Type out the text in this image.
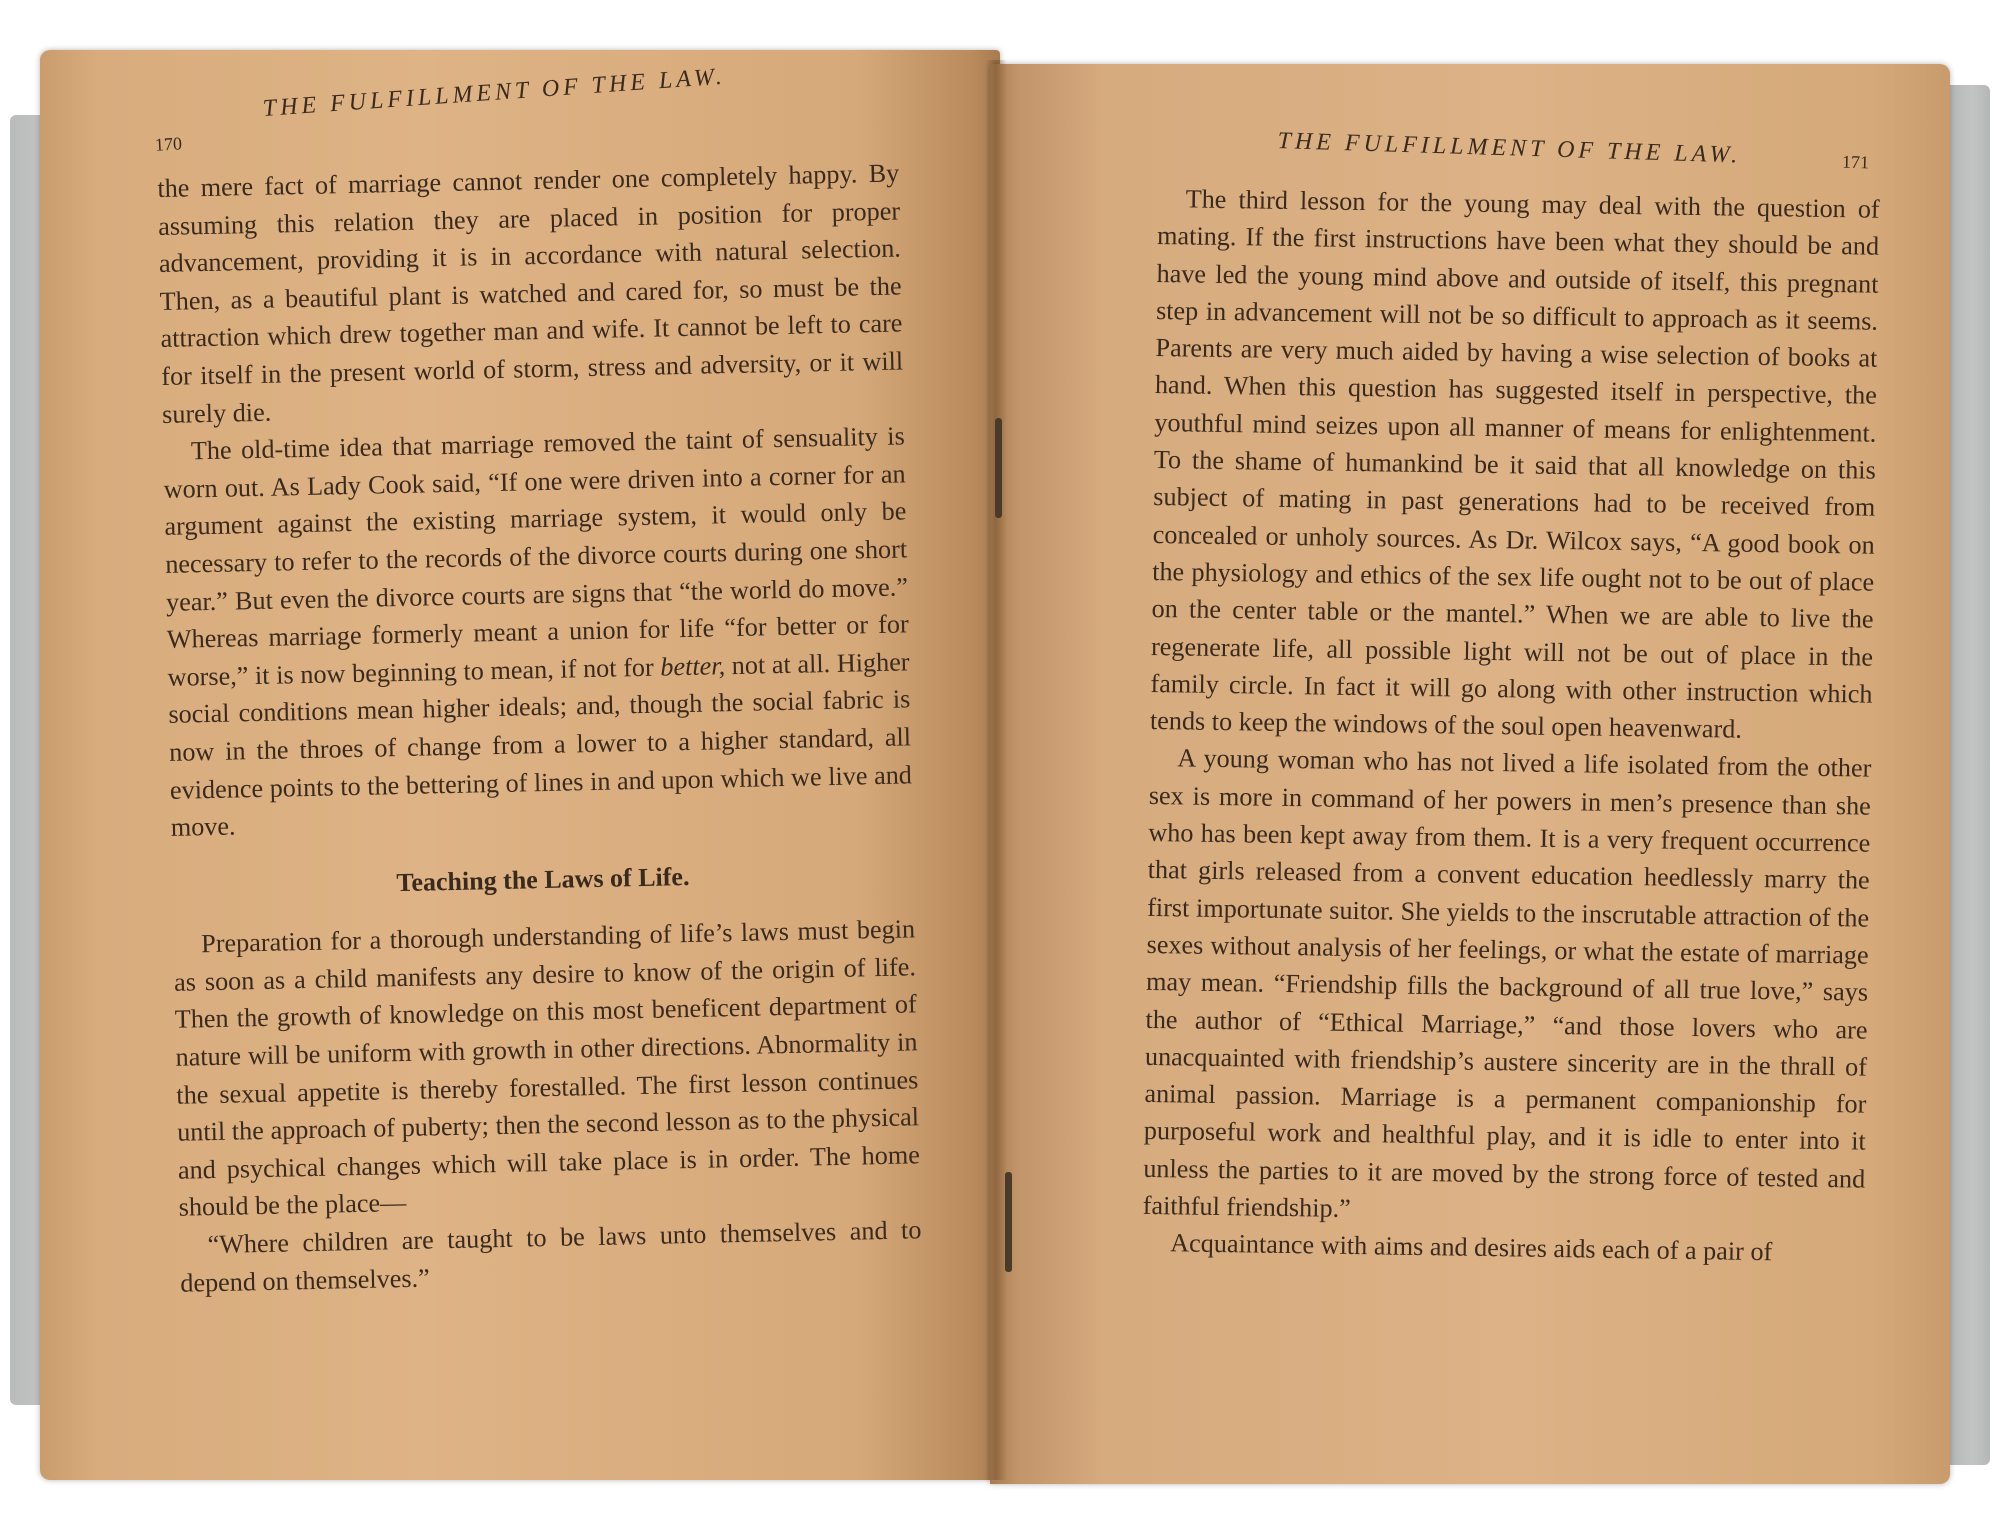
170
THE FULFILLMENT OF THE LAW.

the mere fact of marriage cannot render one completely happy. By assuming this relation they are placed in position for proper advancement, providing it is in accordance with natural selection. Then, as a beautiful plant is watched and cared for, so must be the attraction which drew together man and wife. It cannot be left to care for itself in the present world of storm, stress and adversity, or it will surely die.

The old-time idea that marriage removed the taint of sensuality is worn out. As Lady Cook said, “If one were driven into a corner for an argument against the existing marriage system, it would only be necessary to refer to the records of the divorce courts during one short year.” But even the divorce courts are signs that “the world do move.” Whereas marriage formerly meant a union for life “for better or for worse,” it is now beginning to mean, if not for better, not at all. Higher social conditions mean higher ideals; and, though the social fabric is now in the throes of change from a lower to a higher standard, all evidence points to the bettering of lines in and upon which we live and move.

Teaching the Laws of Life.

Preparation for a thorough understanding of life’s laws must begin as soon as a child manifests any desire to know of the origin of life. Then the growth of knowledge on this most beneficent department of nature will be uniform with growth in other directions. Abnormality in the sexual appetite is thereby forestalled. The first lesson continues until the approach of puberty; then the second lesson as to the physical and psychical changes which will take place is in order. The home should be the place—

“Where children are taught to be laws unto themselves and to depend on themselves.”

THE FULFILLMENT OF THE LAW.	171

The third lesson for the young may deal with the question of mating. If the first instructions have been what they should be and have led the young mind above and outside of itself, this pregnant step in advancement will not be so difficult to approach as it seems. Parents are very much aided by having a wise selection of books at hand. When this question has suggested itself in perspective, the youthful mind seizes upon all manner of means for enlightenment. To the shame of humankind be it said that all knowledge on this subject of mating in past generations had to be received from concealed or unholy sources. As Dr. Wilcox says, “A good book on the physiology and ethics of the sex life ought not to be out of place on the center table or the mantel.” When we are able to live the regenerate life, all possible light will not be out of place in the family circle. In fact it will go along with other instruction which tends to keep the windows of the soul open heavenward.

A young woman who has not lived a life isolated from the other sex is more in command of her powers in men’s presence than she who has been kept away from them. It is a very frequent occurrence that girls released from a convent education heedlessly marry the first importunate suitor. She yields to the inscrutable attraction of the sexes without analysis of her feelings, or what the estate of marriage may mean. “Friendship fills the background of all true love,” says the author of “Ethical Marriage,” “and those lovers who are unacquainted with friendship’s austere sincerity are in the thrall of animal passion. Marriage is a permanent companionship for purposeful work and healthful play, and it is idle to enter into it unless the parties to it are moved by the strong force of tested and faithful friendship.”

Acquaintance with aims and desires aids each of a pair of
